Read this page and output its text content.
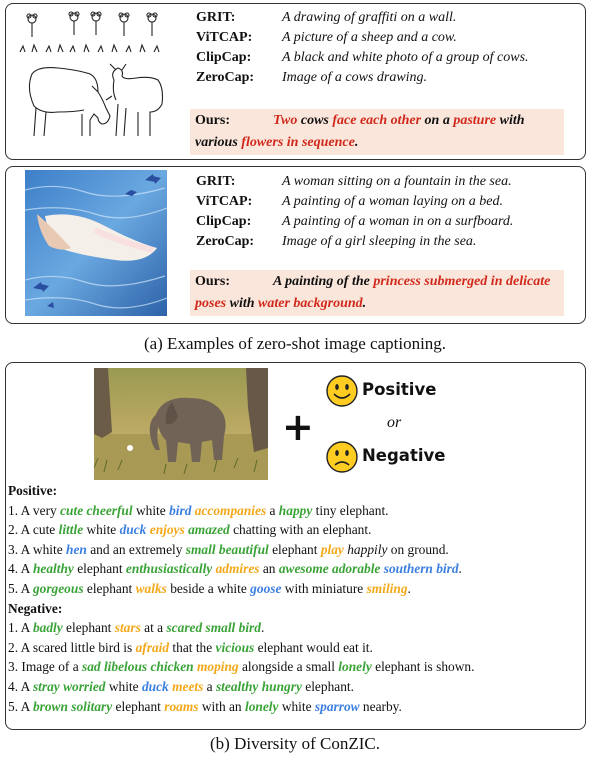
GRIT:	A drawing of graffiti on a wall.
ViTCAP: A picture of a sheep and a cow.
ClipCap: A black and white photo of a group of cows.
ZeroCap: Image of a cows drawing.
Ours:	Two cows face each other on a pasture with various flowers in sequence.
GRIT:	A woman sitting on a fountain in the sea.
ViTCAP: A painting of a woman laying on a bed.
ClipCap: A painting of a woman in on a surfboard.
ZeroCap: Image of a girl sleeping in the sea.
Ours:	A painting of the princess submerged in delicate poses with water background.
(a) Examples of zero-shot image captioning.
+
Positive
or
Negative
Positive:
1. A very cute cheerful white bird accompanies a happy tiny elephant.
2. A cute little white duck enjoys amazed chatting with an elephant.
3. A white hen and an extremely small beautiful elephant play happily on ground.
4. A healthy elephant enthusiastically admires an awesome adorable southern bird.
5. A gorgeous elephant walks beside a white goose with miniature smiling.
Negative:
1. A badly elephant stars at a scared small bird.
2. A scared little bird is afraid that the vicious elephant would eat it.
3. Image of a sad libelous chicken moping alongside a small lonely elephant is shown.
4. A stray worried white duck meets a stealthy hungry elephant.
5. A brown solitary elephant roams with an lonely white sparrow nearby.
(b) Diversity of ConZIC.
